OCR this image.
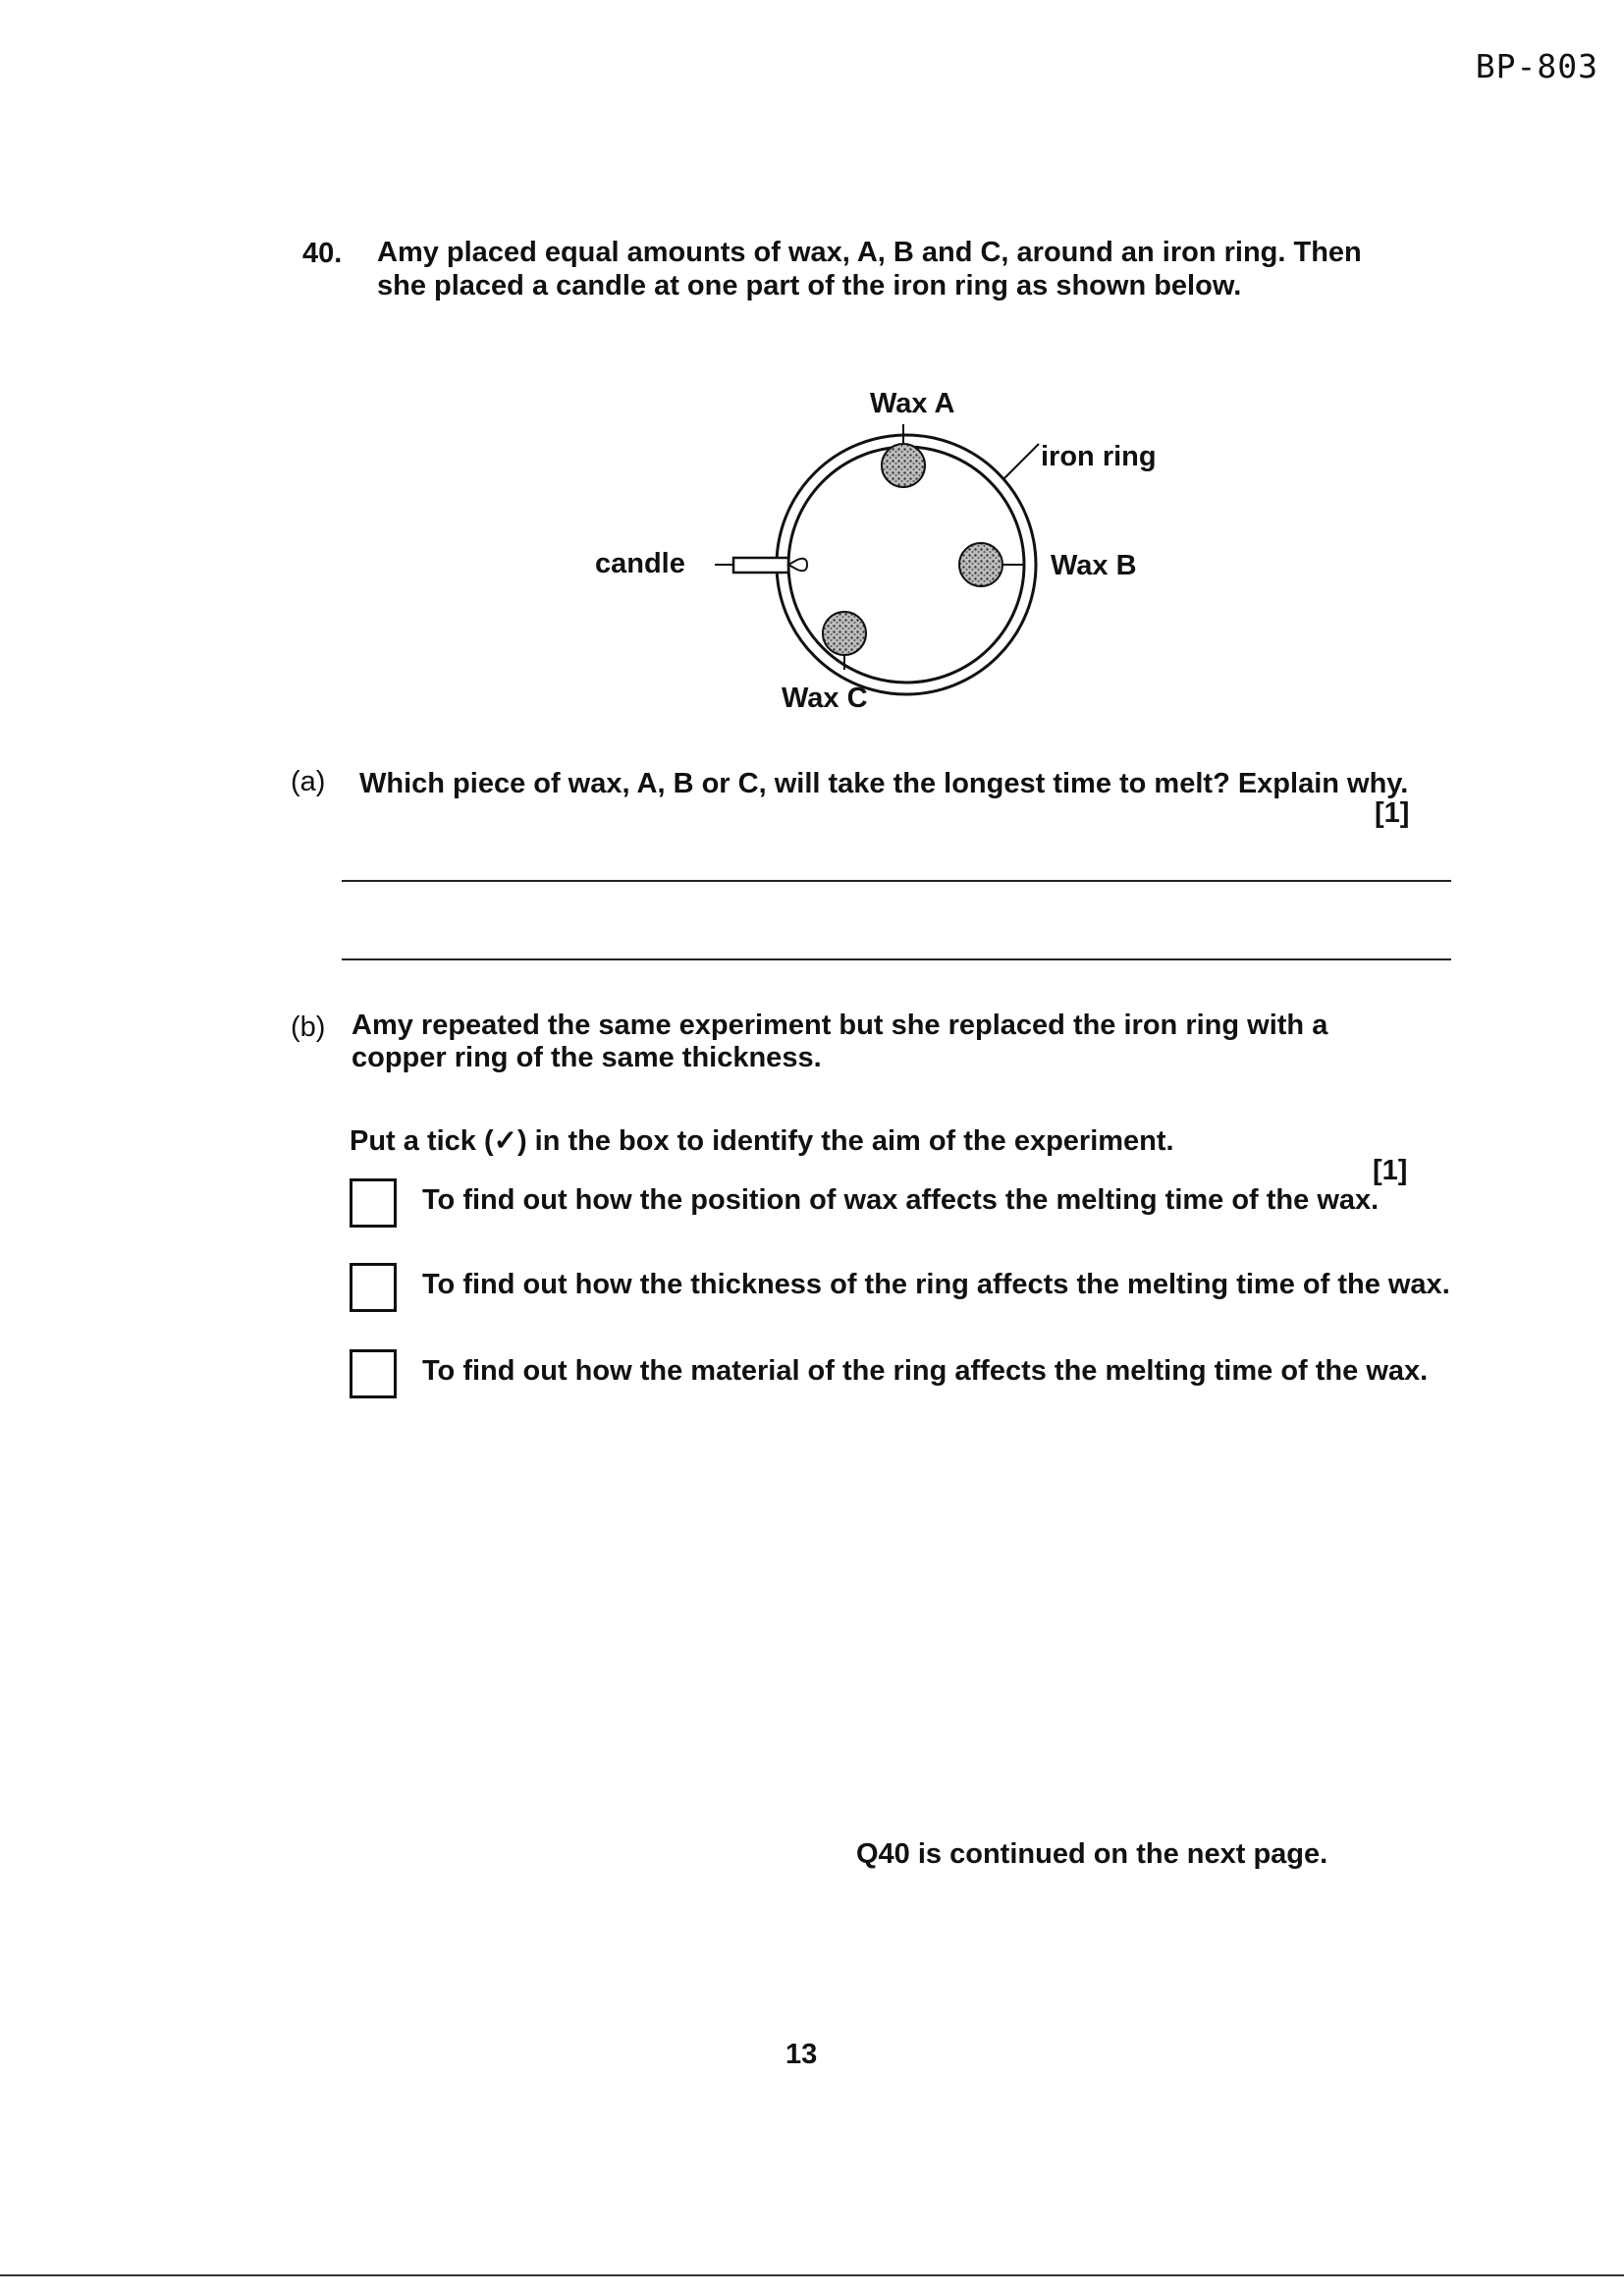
BP-803
40. Amy placed equal amounts of wax, A, B and C, around an iron ring. Then she placed a candle at one part of the iron ring as shown below.
Wax A
iron ring
Wax B
candle
Wax C
(a) Which piece of wax, A, B or C, will take the longest time to melt? Explain why.
[1]
(b) Amy repeated the same experiment but she replaced the iron ring with a copper ring of the same thickness.
Put a tick (✓) in the box to identify the aim of the experiment.
[1]
To find out how the position of wax affects the melting time of the wax.
To find out how the thickness of the ring affects the melting time of the wax.
To find out how the material of the ring affects the melting time of the wax.
Q40 is continued on the next page.
13
